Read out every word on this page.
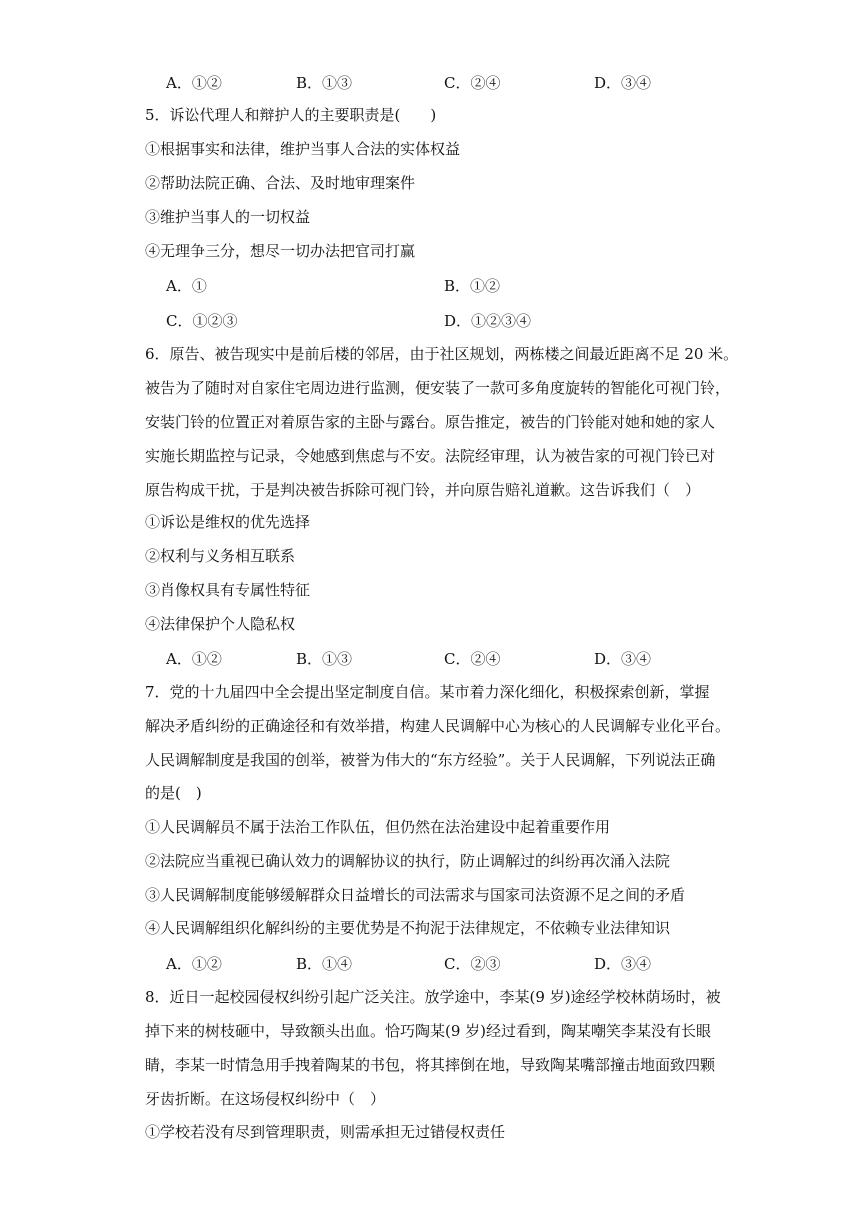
A．①②	B．①③	C．②④	D．③④
5．诉讼代理人和辩护人的主要职责是(　　)
①根据事实和法律，维护当事人合法的实体权益
②帮助法院正确、合法、及时地审理案件
③维护当事人的一切权益
④无理争三分，想尽一切办法把官司打赢
A．①	B．①②
C．①②③	D．①②③④
6．原告、被告现实中是前后楼的邻居，由于社区规划，两栋楼之间最近距离不足 20 米。
被告为了随时对自家住宅周边进行监测，便安装了一款可多角度旋转的智能化可视门铃，
安装门铃的位置正对着原告家的主卧与露台。原告推定，被告的门铃能对她和她的家人
实施长期监控与记录，令她感到焦虑与不安。法院经审理，认为被告家的可视门铃已对
原告构成干扰，于是判决被告拆除可视门铃，并向原告赔礼道歉。这告诉我们（　）
①诉讼是维权的优先选择
②权利与义务相互联系
③肖像权具有专属性特征
④法律保护个人隐私权
A．①②	B．①③	C．②④	D．③④
7．党的十九届四中全会提出坚定制度自信。某市着力深化细化，积极探索创新，掌握
解决矛盾纠纷的正确途径和有效举措，构建人民调解中心为核心的人民调解专业化平台。
人民调解制度是我国的创举，被誉为伟大的“东方经验”。关于人民调解，下列说法正确
的是(　)
①人民调解员不属于法治工作队伍，但仍然在法治建设中起着重要作用
②法院应当重视已确认效力的调解协议的执行，防止调解过的纠纷再次涌入法院
③人民调解制度能够缓解群众日益增长的司法需求与国家司法资源不足之间的矛盾
④人民调解组织化解纠纷的主要优势是不拘泥于法律规定，不依赖专业法律知识
A．①②	B．①④	C．②③	D．③④
8．近日一起校园侵权纠纷引起广泛关注。放学途中，李某(9 岁)途经学校林荫场时，被
掉下来的树枝砸中，导致额头出血。恰巧陶某(9 岁)经过看到，陶某嘲笑李某没有长眼
睛，李某一时情急用手拽着陶某的书包，将其摔倒在地，导致陶某嘴部撞击地面致四颗
牙齿折断。在这场侵权纠纷中（　）
①学校若没有尽到管理职责，则需承担无过错侵权责任
